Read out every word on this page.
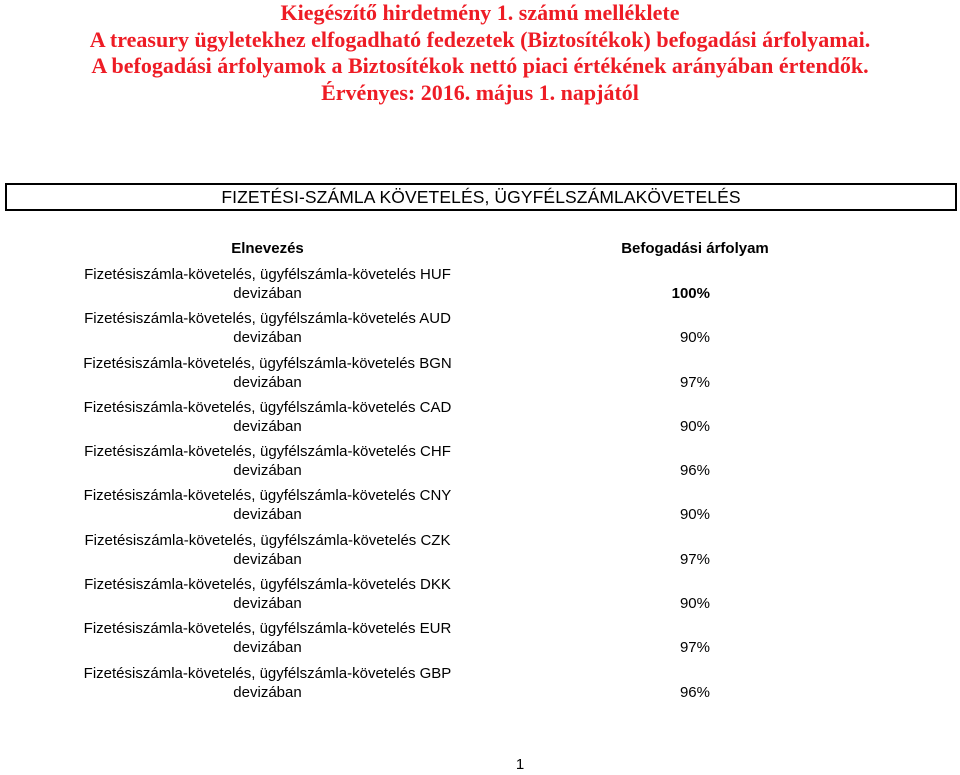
Kiegészítő hirdetmény 1. számú melléklete
A treasury ügyletekhez elfogadható fedezetek (Biztosítékok) befogadási árfolyamai.
A befogadási árfolyamok a Biztosítékok nettó piaci értékének arányában értendők.
Érvényes: 2016. május 1. napjától
FIZETÉSI-SZÁMLA KÖVETELÉS, ÜGYFÉLSZÁMLAKÖVETELÉS
Elnevezés	Befogadási árfolyam
Fizetésiszámla-követelés, ügyfélszámla-követelés HUF
devizában	100%
Fizetésiszámla-követelés, ügyfélszámla-követelés AUD
devizában	90%
Fizetésiszámla-követelés, ügyfélszámla-követelés BGN
devizában	97%
Fizetésiszámla-követelés, ügyfélszámla-követelés CAD
devizában	90%
Fizetésiszámla-követelés, ügyfélszámla-követelés CHF
devizában	96%
Fizetésiszámla-követelés, ügyfélszámla-követelés CNY
devizában	90%
Fizetésiszámla-követelés, ügyfélszámla-követelés CZK
devizában	97%
Fizetésiszámla-követelés, ügyfélszámla-követelés DKK
devizában	90%
Fizetésiszámla-követelés, ügyfélszámla-követelés EUR
devizában	97%
Fizetésiszámla-követelés, ügyfélszámla-követelés GBP
devizában	96%
1
